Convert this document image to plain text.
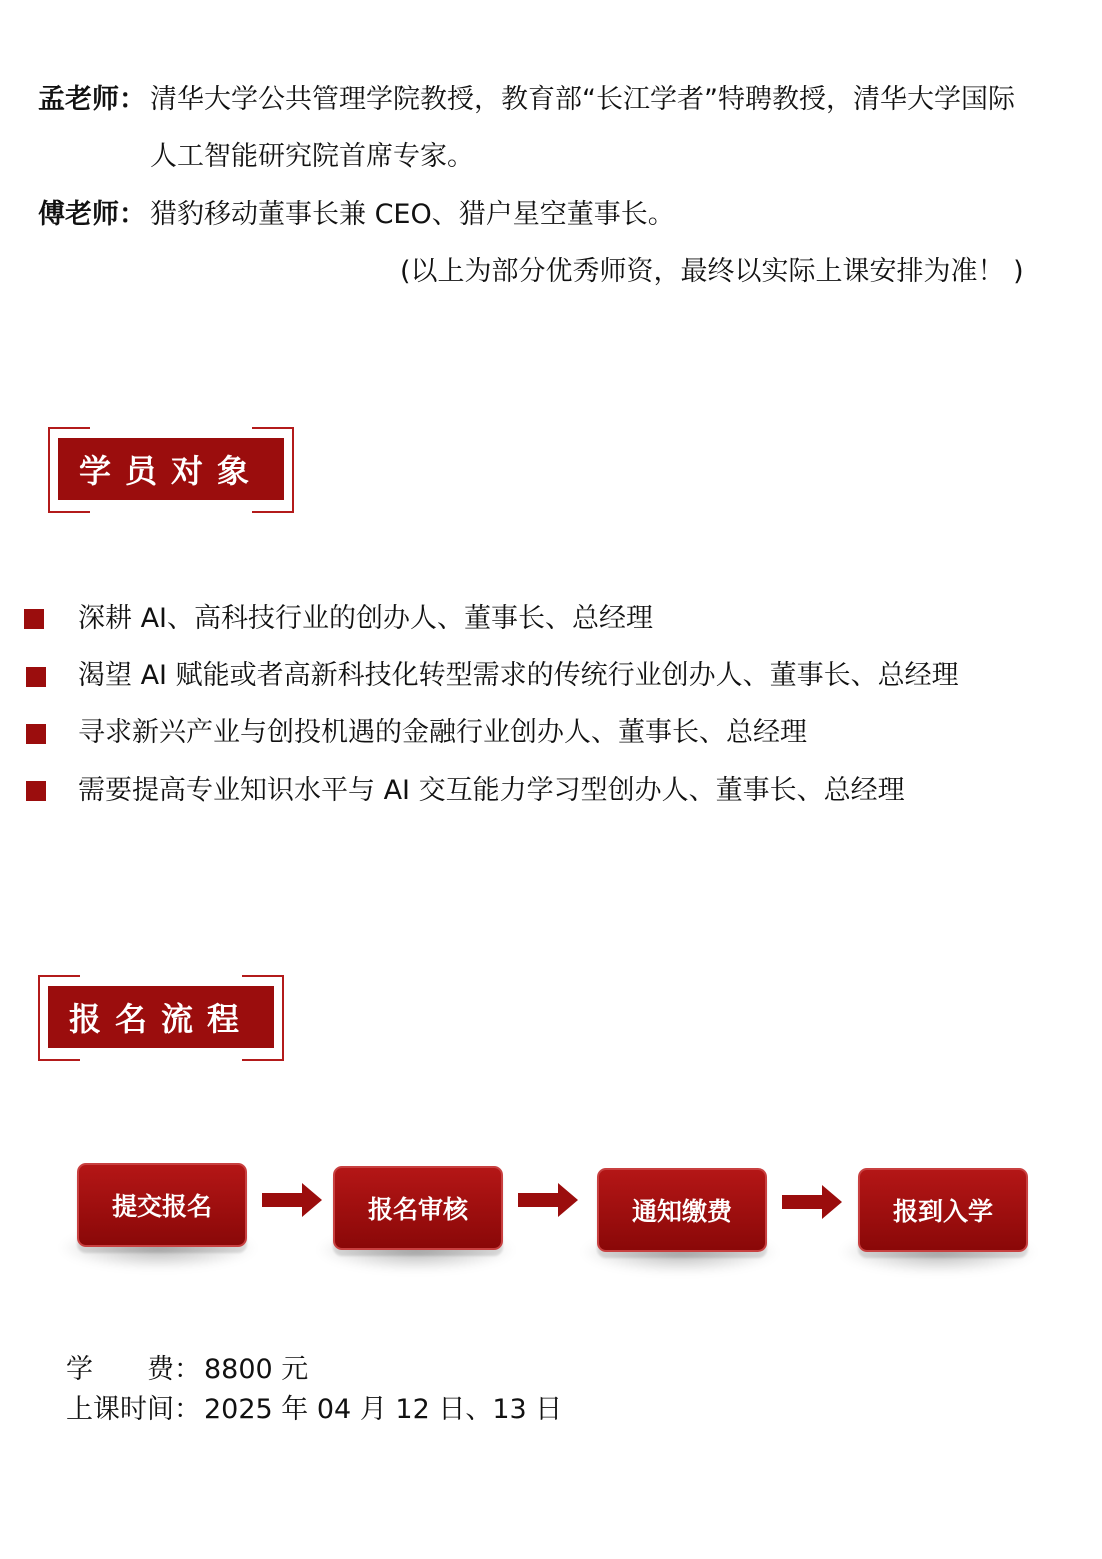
孟老师： 清华大学公共管理学院教授，教育部“长江学者”特聘教授，清华大学国际
人工智能研究院首席专家。
傅老师： 猎豹移动董事长兼 CEO、猎户星空董事长。
(以上为部分优秀师资，最终以实际上课安排为准！ )
学员对象
深耕 AI、高科技行业的创办人、董事长、总经理
渴望 AI 赋能或者高新科技化转型需求的传统行业创办人、董事长、总经理
寻求新兴产业与创投机遇的金融行业创办人、董事长、总经理
需要提高专业知识水平与 AI 交互能力学习型创办人、董事长、总经理
报名流程
提交报名	报名审核	通知缴费	报到入学
学　　费： 8800 元
上课时间： 2025 年 04 月 12 日、13 日
